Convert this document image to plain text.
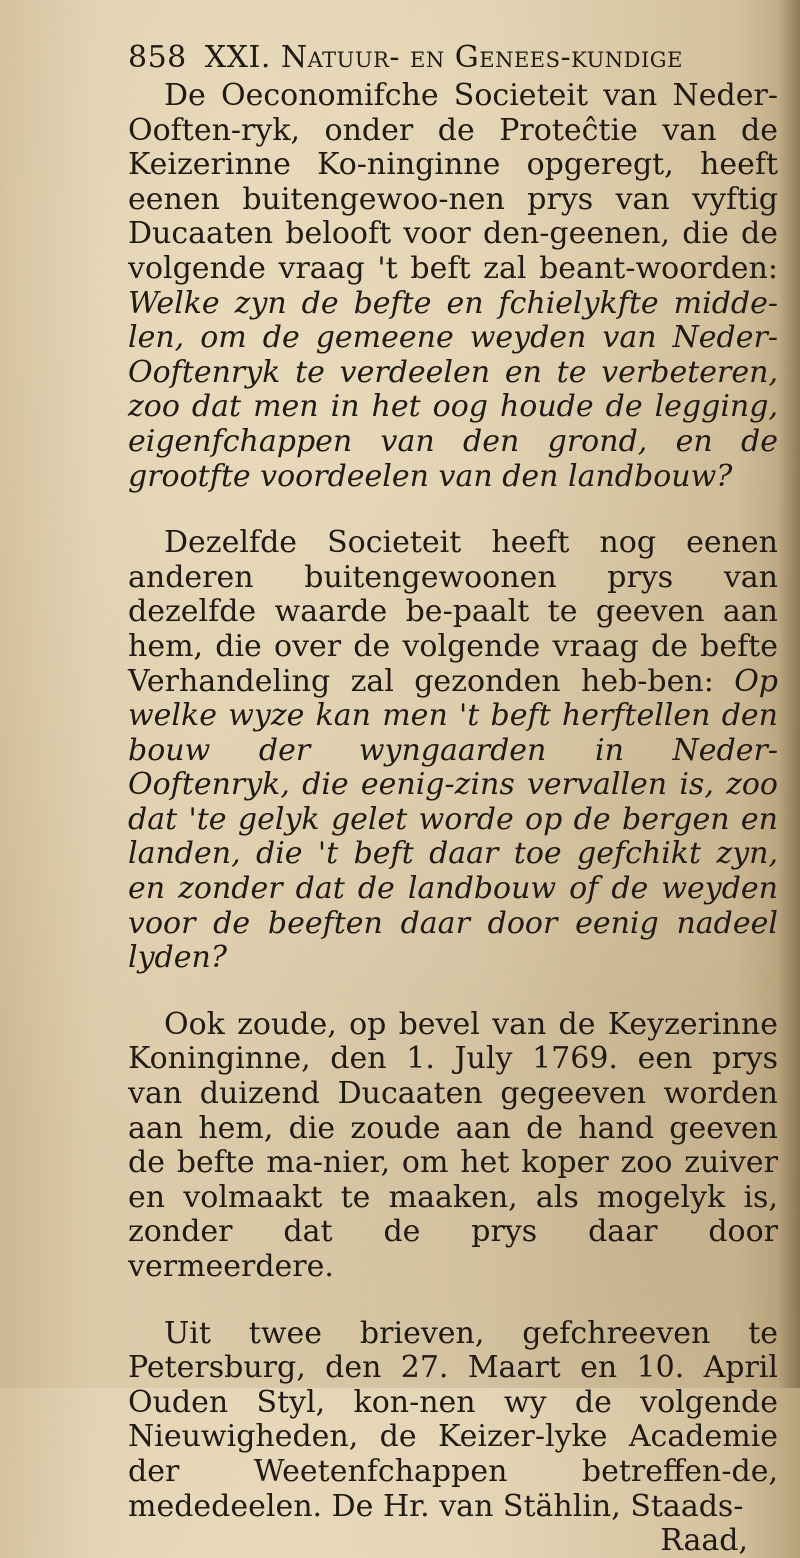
858 XXI. Natuur- en Genees-kundige

De Oeconomifche Societeit van Neder-Ooften-ryk, onder de Proteĉtie van de Keizerinne Ko-ninginne opgeregt, heeft eenen buitengewoo-nen prys van vyftig Ducaaten belooft voor den-geenen, die de volgende vraag 't beft zal beant-woorden: Welke zyn de befte en fchielykfte midde-len, om de gemeene weyden van Neder-Ooftenryk te verdeelen en te verbeteren, zoo dat men in het oog houde de legging, eigenfchappen van den grond, en de grootfte voordeelen van den landbouw?

Dezelfde Societeit heeft nog eenen anderen buitengewoonen prys van dezelfde waarde be-paalt te geeven aan hem, die over de volgende vraag de befte Verhandeling zal gezonden heb-ben: Op welke wyze kan men 't beft herftellen den bouw der wyngaarden in Neder-Ooftenryk, die eenig-zins vervallen is, zoo dat 'te gelyk gelet worde op de bergen en landen, die 't beft daar toe gefchikt zyn, en zonder dat de landbouw of de weyden voor de beeften daar door eenig nadeel lyden?

Ook zoude, op bevel van de Keyzerinne Koninginne, den 1. July 1769. een prys van duizend Ducaaten gegeeven worden aan hem, die zoude aan de hand geeven de befte ma-nier, om het koper zoo zuiver en volmaakt te maaken, als mogelyk is, zonder dat de prys daar door vermeerdere.

Uit twee brieven, gefchreeven te Petersburg, den 27. Maart en 10. April Ouden Styl, kon-nen wy de volgende Nieuwigheden, de Keizer-lyke Academie der Weetenfchappen betreffen-de, mededeelen. De Hr. van Stählin, Staads-

Raad,
